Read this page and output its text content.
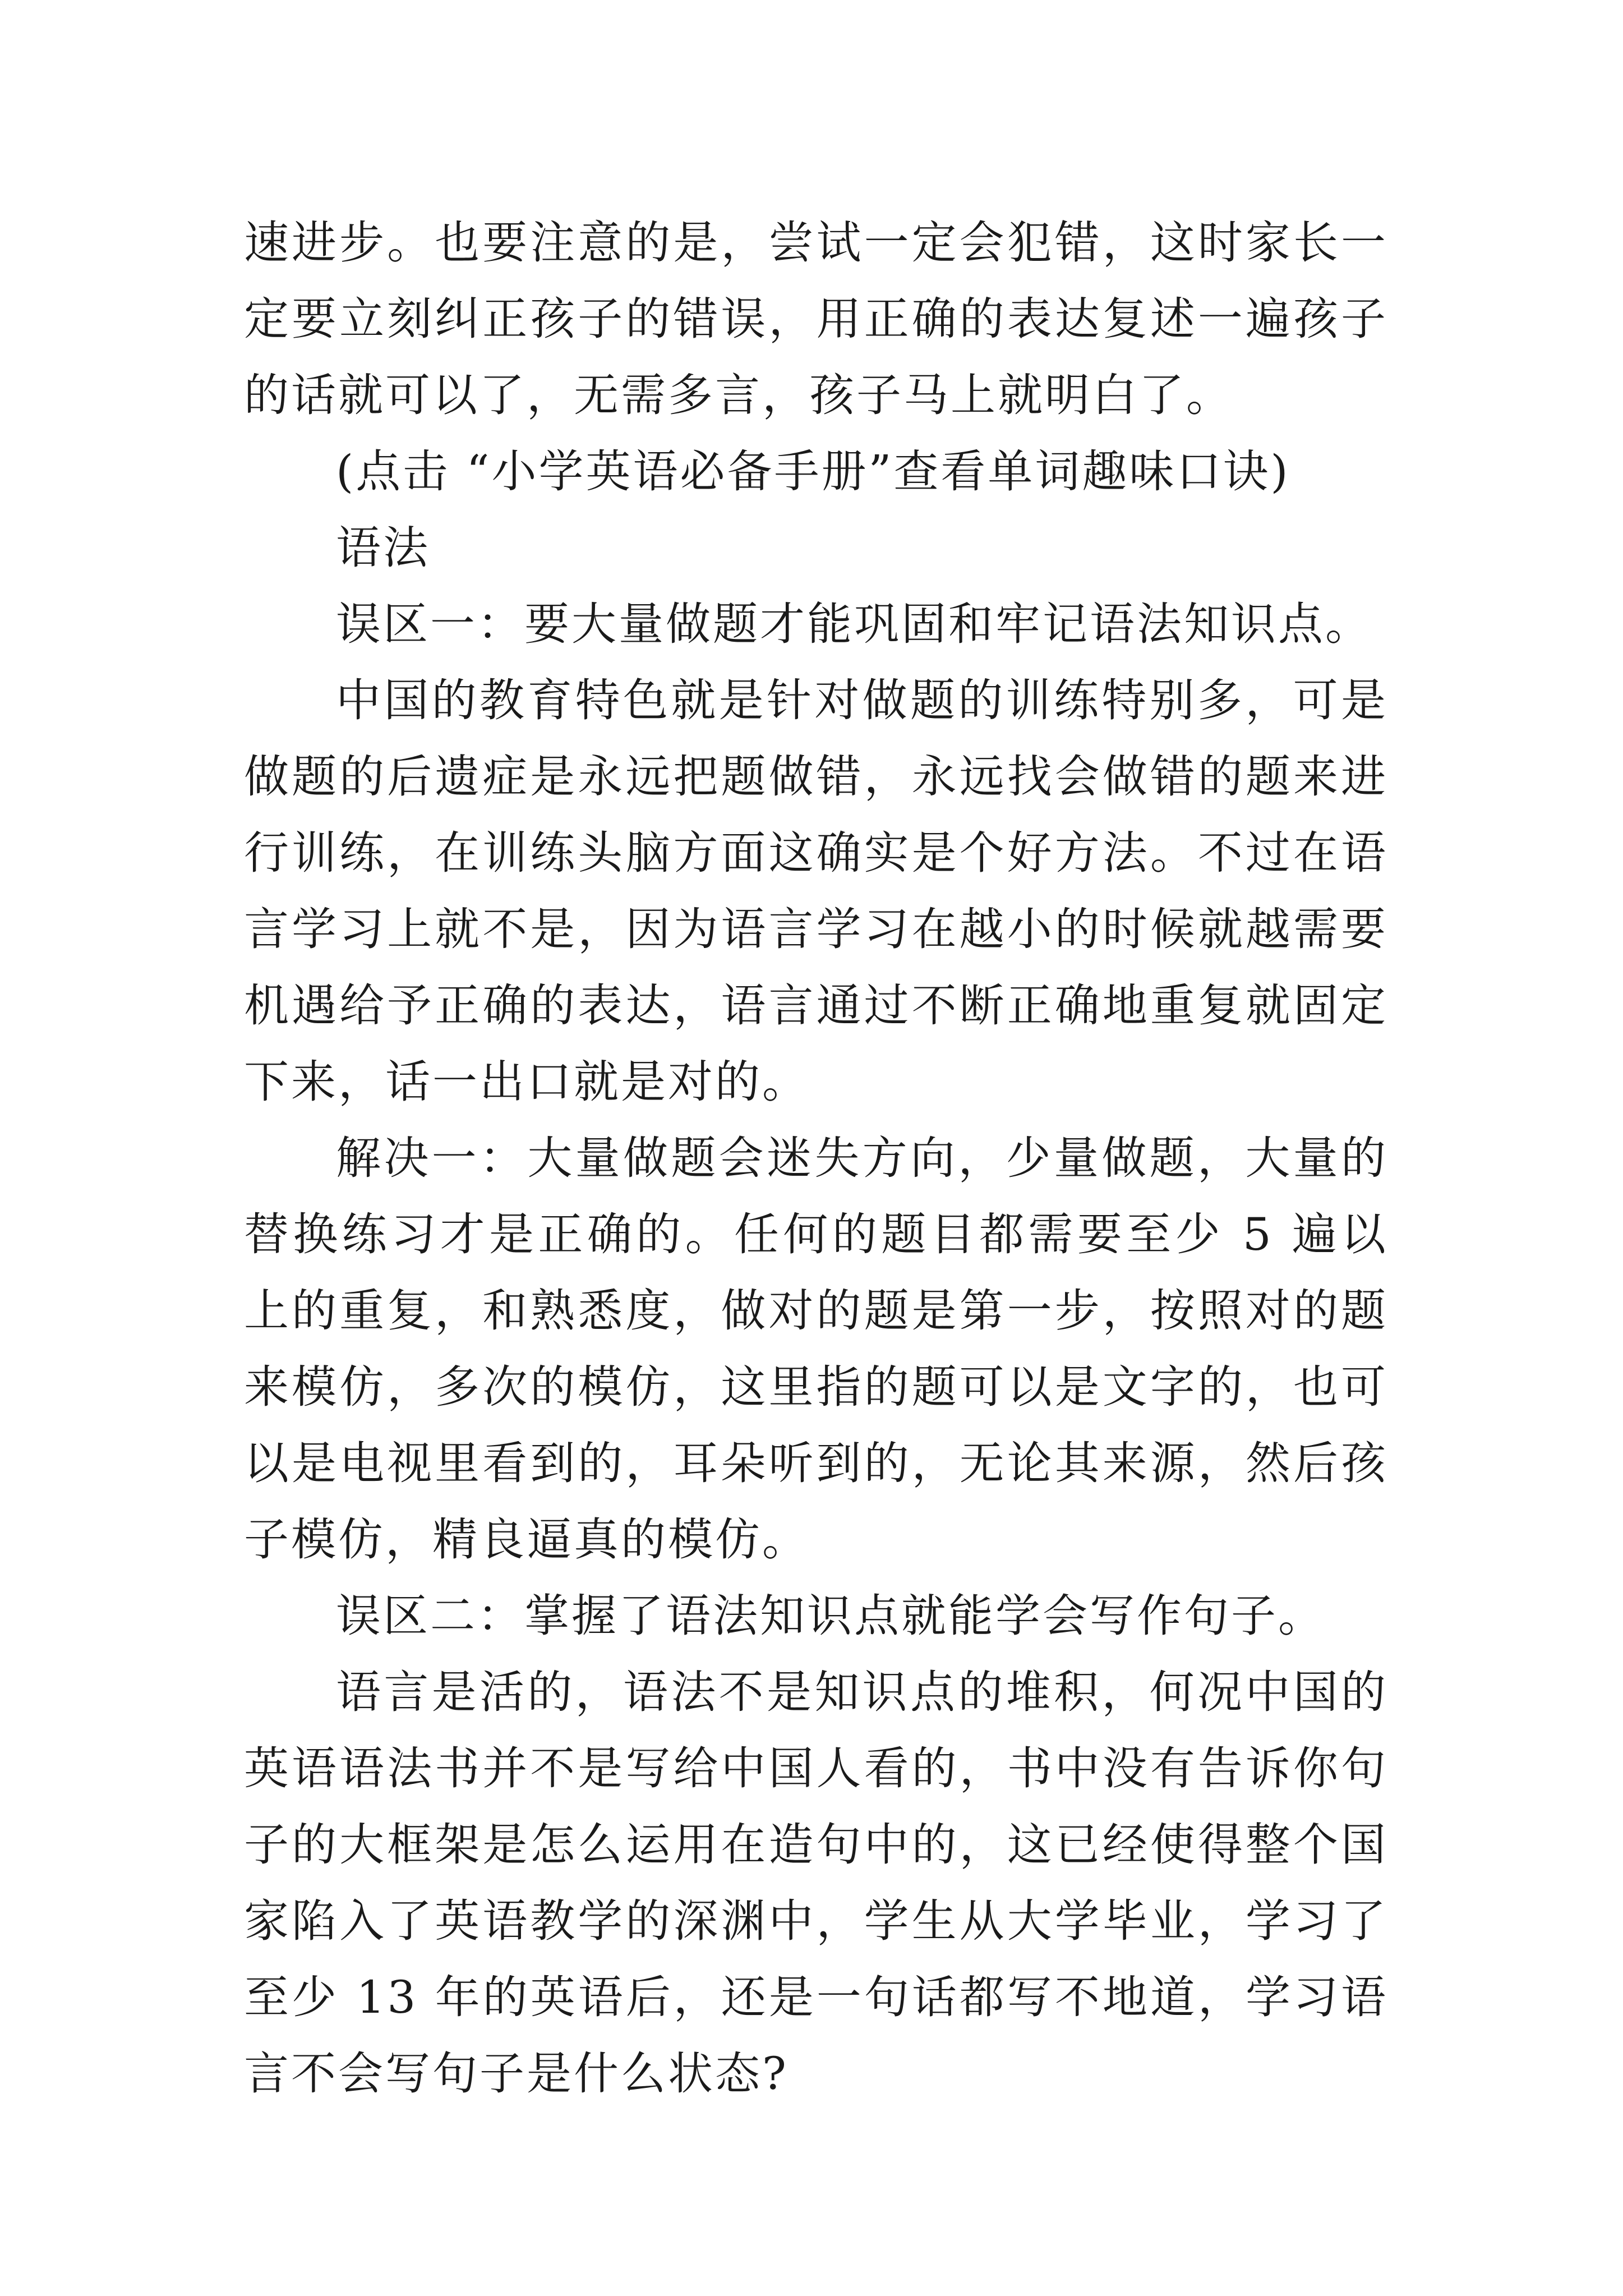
速进步。也要注意的是，尝试一定会犯错，这时家长一定要立刻纠正孩子的错误，用正确的表达复述一遍孩子的话就可以了，无需多言，孩子马上就明白了。

(点击 “小学英语必备手册”查看单词趣味口诀)

语法

误区一：要大量做题才能巩固和牢记语法知识点。

中国的教育特色就是针对做题的训练特别多，可是做题的后遗症是永远把题做错，永远找会做错的题来进行训练，在训练头脑方面这确实是个好方法。不过在语言学习上就不是，因为语言学习在越小的时候就越需要机遇给予正确的表达，语言通过不断正确地重复就固定下来，话一出口就是对的。

解决一：大量做题会迷失方向，少量做题，大量的替换练习才是正确的。任何的题目都需要至少 5 遍以上的重复，和熟悉度，做对的题是第一步，按照对的题来模仿，多次的模仿，这里指的题可以是文字的，也可以是电视里看到的，耳朵听到的，无论其来源，然后孩子模仿，精良逼真的模仿。

误区二：掌握了语法知识点就能学会写作句子。

语言是活的，语法不是知识点的堆积，何况中国的英语语法书并不是写给中国人看的，书中没有告诉你句子的大框架是怎么运用在造句中的，这已经使得整个国家陷入了英语教学的深渊中，学生从大学毕业，学习了至少 13 年的英语后，还是一句话都写不地道，学习语言不会写句子是什么状态?
